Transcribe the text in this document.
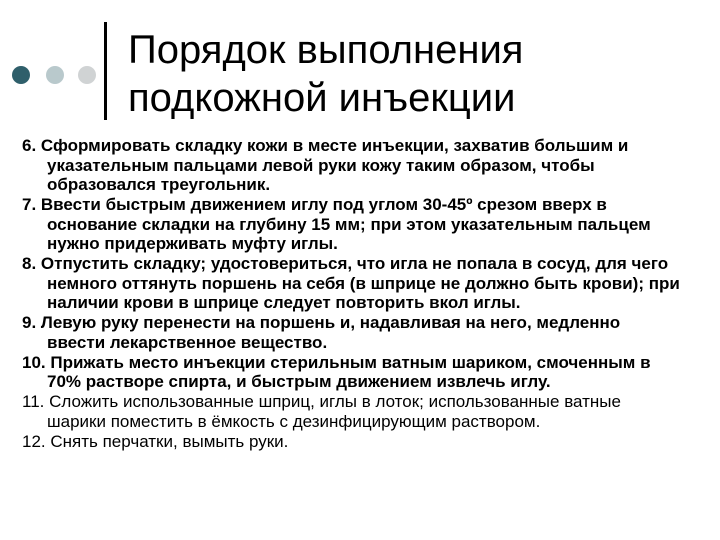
Порядок выполнения
подкожной инъекции

6. Сформировать складку кожи в месте инъекции, захватив большим и указательным пальцами левой руки кожу таким образом, чтобы образовался треугольник.

7. Ввести быстрым движением иглу под углом 30-45º срезом вверх в основание складки на глубину 15 мм; при этом указательным пальцем нужно придерживать муфту иглы.

8. Отпустить складку; удостовериться, что игла не попала в сосуд, для чего немного оттянуть поршень на себя (в шприце не должно быть крови); при наличии крови в шприце следует повторить вкол иглы.

9. Левую руку перенести на поршень и, надавливая на него, медленно ввести лекарственное вещество.

10. Прижать место инъекции стерильным ватным шариком, смоченным в 70% растворе спирта, и быстрым движением извлечь иглу.

11. Сложить использованные шприц, иглы в лоток; использованные ватные шарики поместить в ёмкость с дезинфицирующим раствором.

12. Снять перчатки, вымыть руки.
